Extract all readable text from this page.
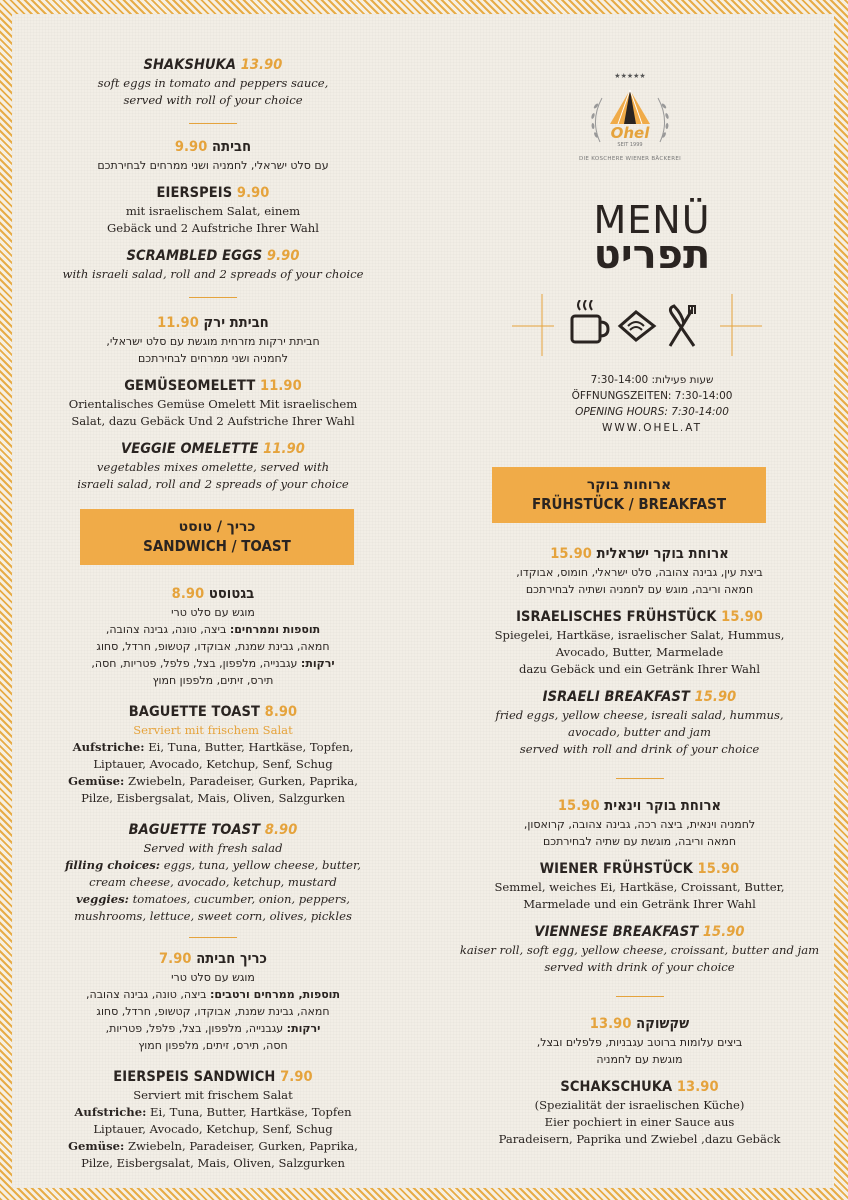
SHAKSHUKA 13.90
soft eggs in tomato and peppers sauce,
served with roll of your choice
חביתה 9.90
עם סלט ישראלי, לחמניה ושני ממרחים לבחירתכם
EIERSPEIS 9.90
mit israelischem Salat, einem
Gebäck und 2 Aufstriche Ihrer Wahl
SCRAMBLED EGGS 9.90
with israeli salad, roll and 2 spreads of your choice
חביתת ירק 11.90
חביתת ירקות מזרחית מוגשת עם סלט ישראלי,
לחמניה ושני ממרחים לבחירתכם
GEMÜSEOMELETT 11.90
Orientalisches Gemüse Omelett Mit israelischem
Salat, dazu Gebäck Und 2 Aufstriche Ihrer Wahl
VEGGIE OMELETTE 11.90
vegetables mixes omelette, served with
israeli salad, roll and 2 spreads of your choice
כריך / טוסט
SANDWICH / TOAST
בגטוסט 8.90
מוגש עם סלט טרי
תוספות וממרחים: ביצה, טונה, גבינה צהובה,
חמאה, גבינת שמנת, אבוקדו, קטשופ, חרדל, סחוג
ירקות: עגבנייה, מלפפון, בצל, פלפל, פטריות, חסה,
תירס, זיתים, מלפפון חמוץ
BAGUETTE TOAST 8.90
Serviert mit frischem Salat
Aufstriche: Ei, Tuna, Butter, Hartkäse, Topfen,
Liptauer, Avocado, Ketchup, Senf, Schug
Gemüse: Zwiebeln, Paradeiser, Gurken, Paprika,
Pilze, Eisbergsalat, Mais, Oliven, Salzgurken
BAGUETTE TOAST 8.90
Served with fresh salad
filling choices: eggs, tuna, yellow cheese, butter,
cream cheese, avocado, ketchup, mustard
veggies: tomatoes, cucumber, onion, peppers,
mushrooms, lettuce, sweet corn, olives, pickles
כריך חביתה 7.90
מוגש עם סלט טרי
תוספות, ממרחים ורטבים: ביצה, טונה, גבינה צהובה,
חמאה, גבינת שמנת, אבוקדו, קטשופ, חרדל, סחוג
ירקות: עגבנייה, מלפפון, בצל, פלפל, פטריות,
חסה, תירס, זיתים, מלפפון חמוץ
EIERSPEIS SANDWICH 7.90
Serviert mit frischem Salat
Aufstriche: Ei, Tuna, Butter, Hartkäse, Topfen
Liptauer, Avocado, Ketchup, Senf, Schug
Gemüse: Zwiebeln, Paradeiser, Gurken, Paprika,
Pilze, Eisbergsalat, Mais, Oliven, Salzgurken
★★★★★
Ohel
SEIT 1999
DIE KOSCHERE WIENER BÄCKEREI
MENÜ
תפריט
שעות פעילות: 7:30-14:00
ÖFFNUNGSZEITEN: 7:30-14:00
OPENING HOURS: 7:30-14:00
WWW.OHEL.AT
ארוחות בוקר
FRÜHSTÜCK / BREAKFAST
ארוחת בוקר ישראלית 15.90
ביצת עין, גבינה צהובה, סלט ישראלי, חומוס, אבוקדו,
חמאה וריבה, מוגש עם לחמניה ושתיה לבחירתכם
ISRAELISCHES FRÜHSTÜCK 15.90
Spiegelei, Hartkäse, israelischer Salat, Hummus,
Avocado, Butter, Marmelade
dazu Gebäck und ein Getränk Ihrer Wahl
ISRAELI BREAKFAST 15.90
fried eggs, yellow cheese, isreali salad, hummus,
avocado, butter and jam
served with roll and drink of your choice
ארוחת בוקר וינאית 15.90
לחמניה וינאית, ביצה רכה, גבינה צהובה, קרואסון,
חמאה וריבה, מוגשת עם שתיה לבחירתכם
WIENER FRÜHSTÜCK 15.90
Semmel, weiches Ei, Hartkäse, Croissant, Butter,
Marmelade und ein Getränk Ihrer Wahl
VIENNESE BREAKFAST 15.90
kaiser roll, soft egg, yellow cheese, croissant, butter and jam
served with drink of your choice
שקשוקה 13.90
ביצים עלומות ברוטב עגבניות, פלפלים ובצל,
מוגשת עם לחמניה
SCHAKSCHUKA 13.90
(Spezialität der israelischen Küche)
Eier pochiert in einer Sauce aus
Paradeisern, Paprika und Zwiebel ,dazu Gebäck
